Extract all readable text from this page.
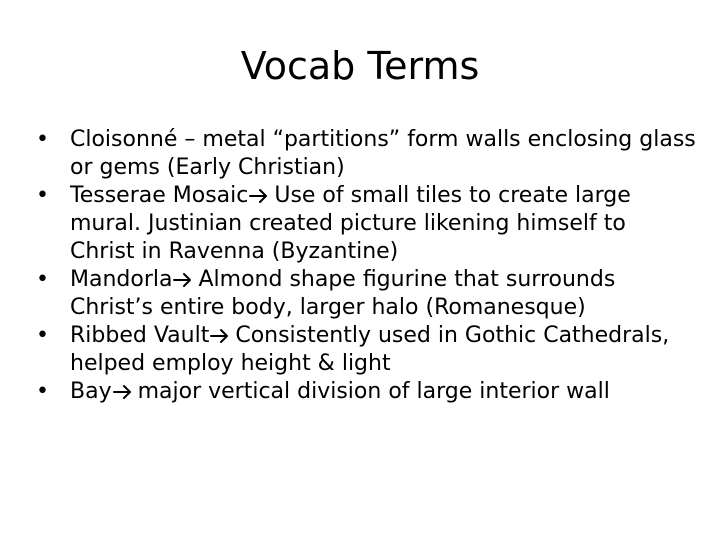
Vocab Terms
• Cloisonné – metal “partitions” form walls enclosing glass or gems (Early Christian)
• Tesserae Mosaic Use of small tiles to create large mural. Justinian created picture likening himself to Christ in Ravenna (Byzantine)
• Mandorla Almond shape figurine that surrounds Christ’s entire body, larger halo (Romanesque)
• Ribbed Vault Consistently used in Gothic Cathedrals, helped employ height & light
• Bay major vertical division of large interior wall
